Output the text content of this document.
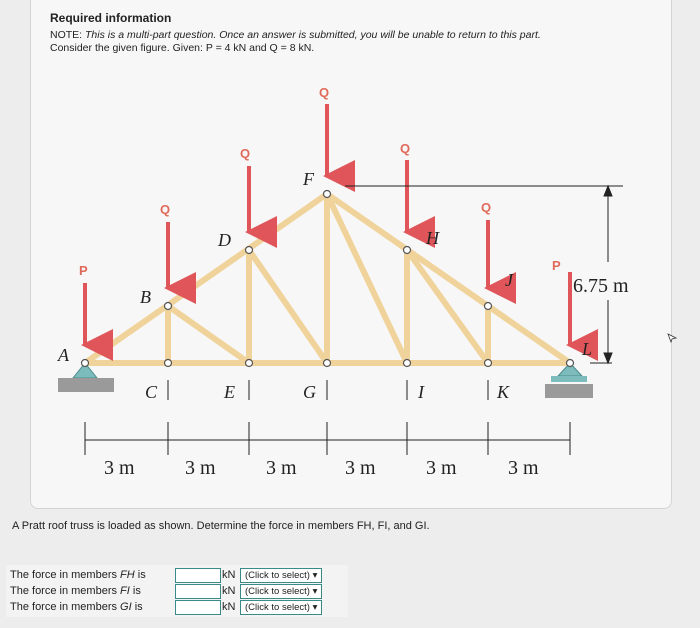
Required information
NOTE: This is a multi-part question. Once an answer is submitted, you will be unable to return to this part.
Consider the given figure. Given: P = 4 kN and Q = 8 kN.
P
Q
Q
Q
Q
Q
P
A
B
C
D
E
F
G
H
I
J
K
L
6.75 m
3 m	3 m	3 m 3 m	3 m	3 m
A Pratt roof truss is loaded as shown. Determine the force in members FH, FI, and GI.
The force in members FH is	kN	(Click to select) ▾
The force in members FI is	kN	(Click to select) ▾
The force in members GI is	kN	(Click to select) ▾
